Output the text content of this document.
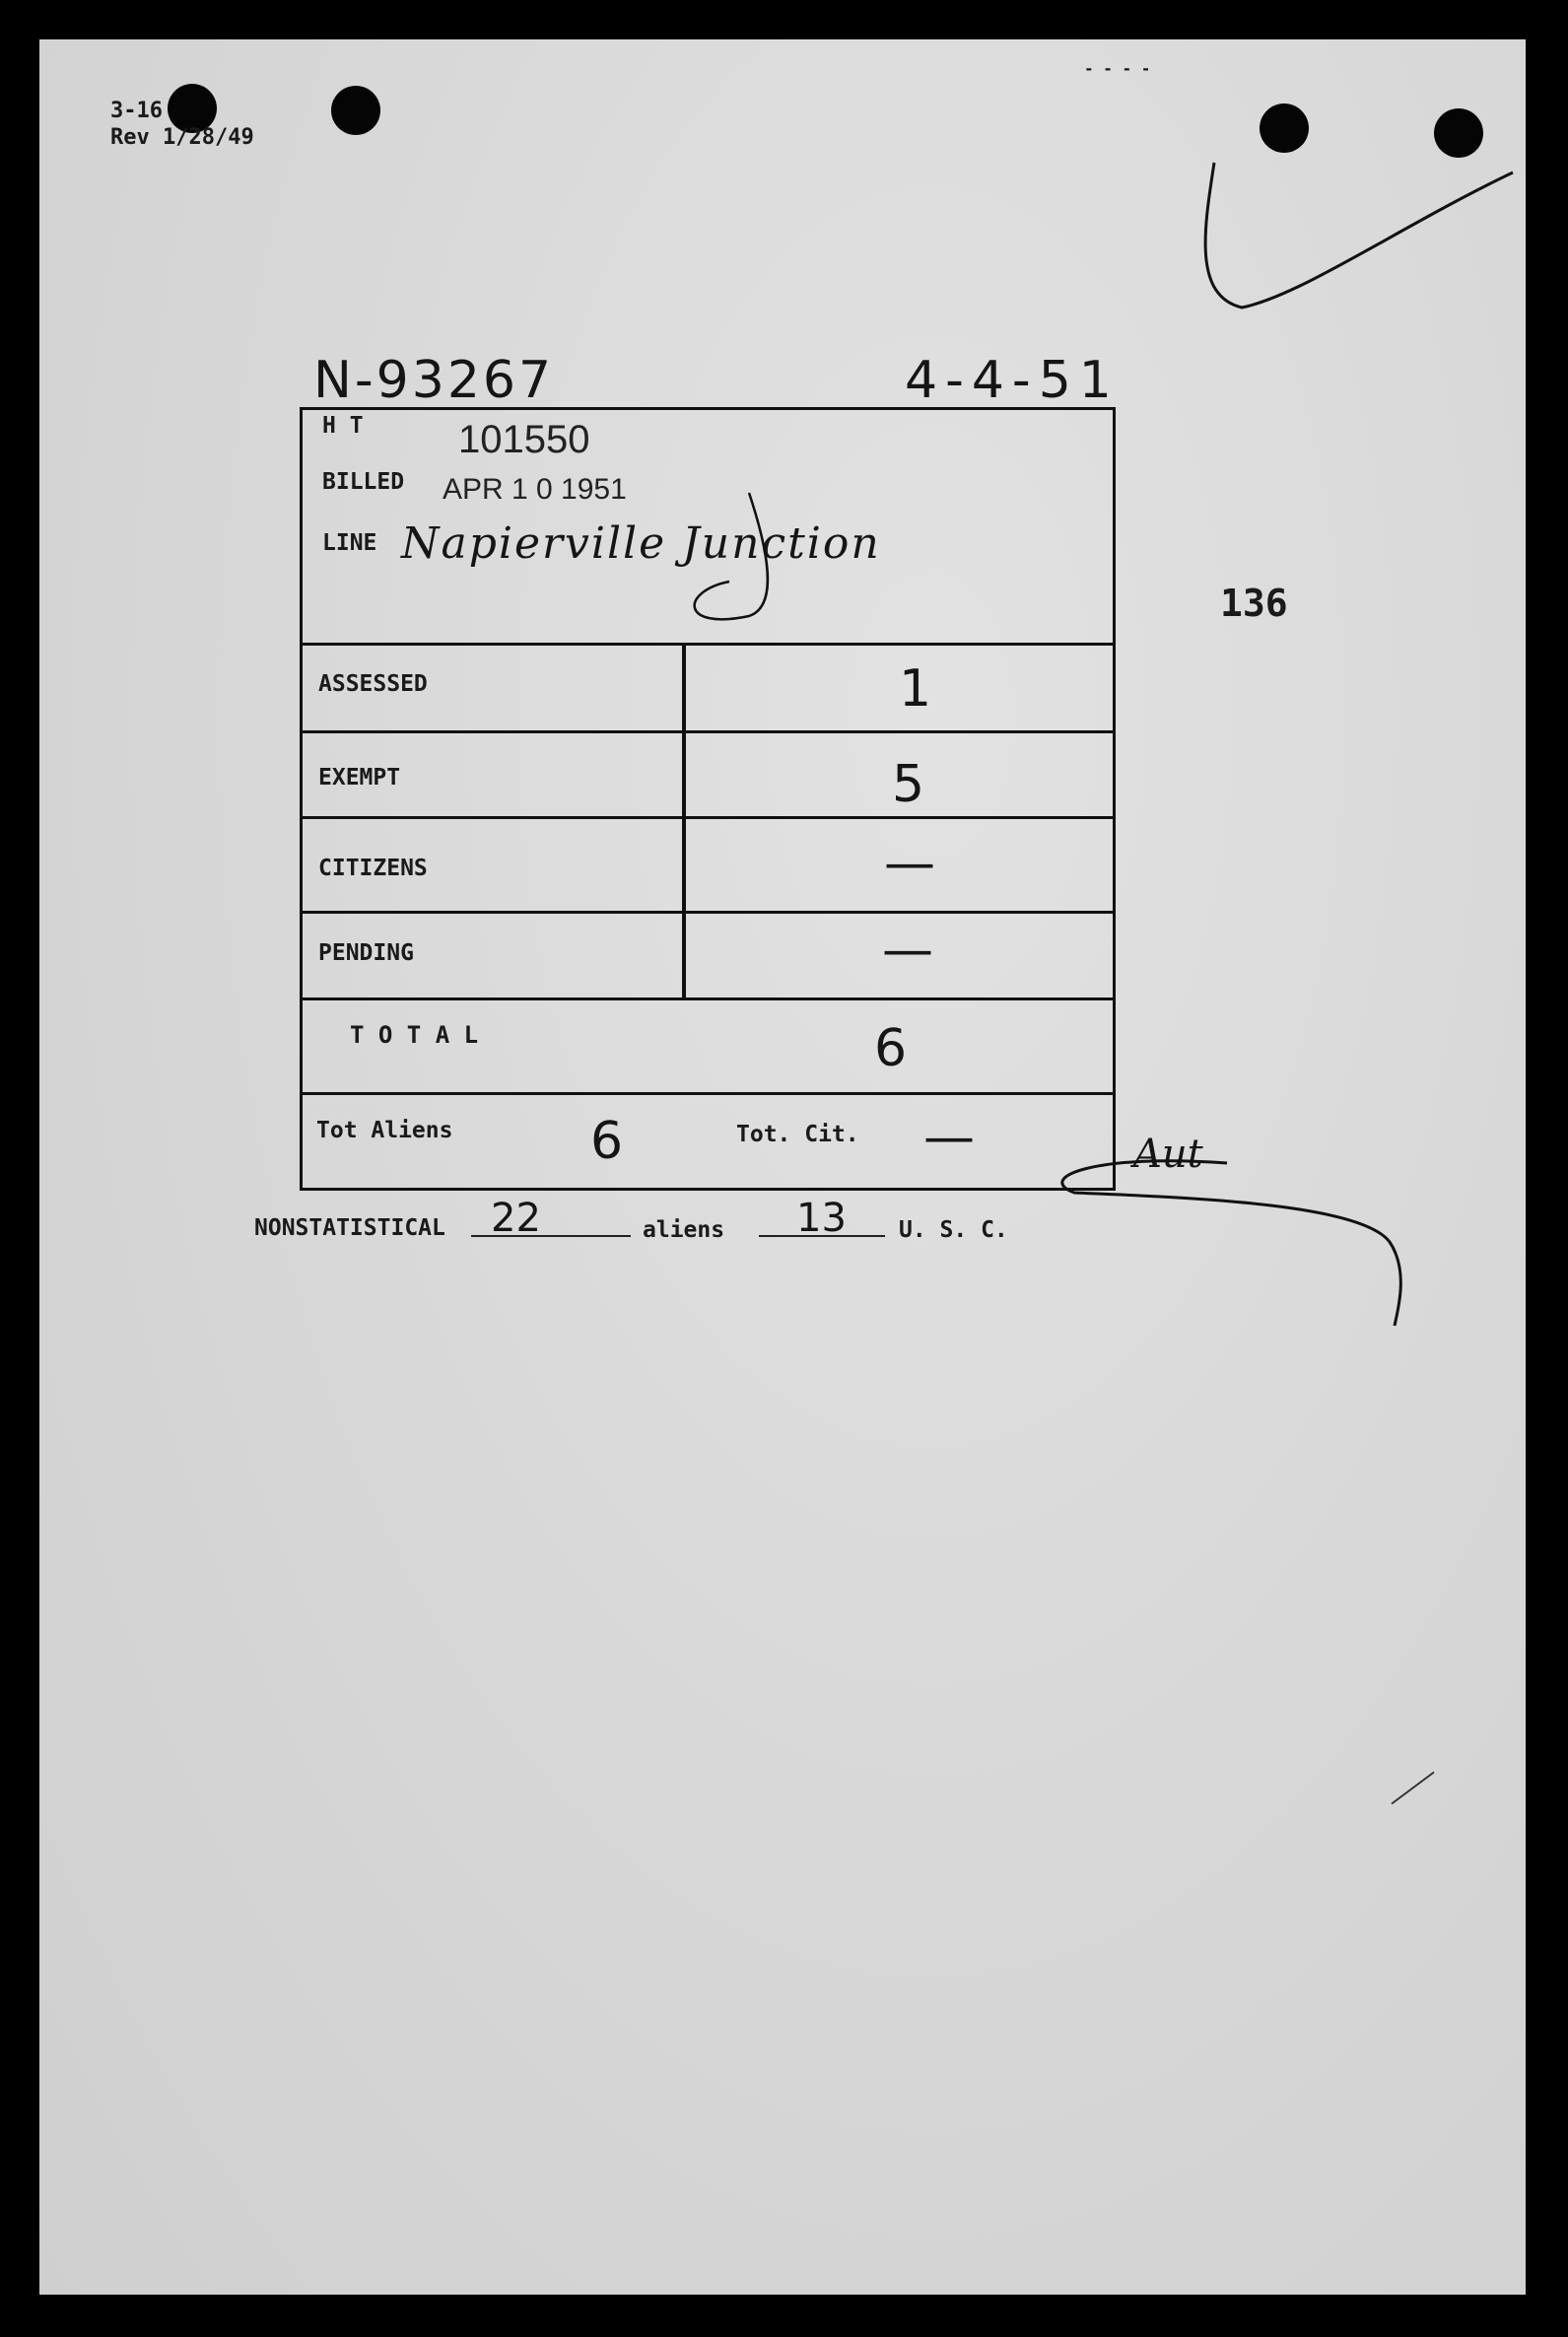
3-16
Rev 1/28/49
- - - -
N-93267	4-4-51
136
H T 101550
BILLED APR 1 0 1951
LINE Napierville Junction
ASSESSED	1
EXEMPT	5
CITIZENS	—
PENDING	—
T O T A L	6
Tot Aliens	6	Tot. Cit. —	Aut
NONSTATISTICAL 22	aliens 13 U. S. C.
